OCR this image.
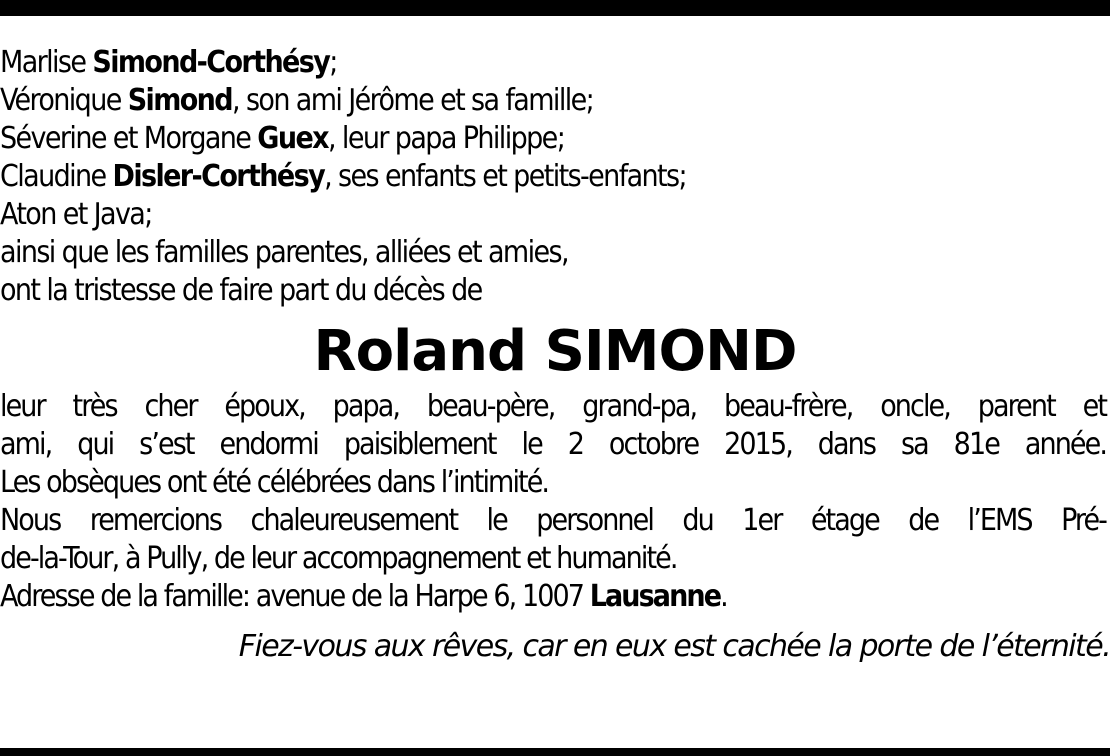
Marlise Simond-Corthésy;
Véronique Simond, son ami Jérôme et sa famille;
Séverine et Morgane Guex, leur papa Philippe;
Claudine Disler-Corthésy, ses enfants et petits-enfants;
Aton et Java;
ainsi que les familles parentes, alliées et amies,
ont la tristesse de faire part du décès de
Roland SIMOND
leur très cher époux, papa, beau-père, grand-pa, beau-frère, oncle, parent et
ami, qui s’est endormi paisiblement le 2 octobre 2015, dans sa 81e année.
Les obsèques ont été célébrées dans l’intimité.
Nous remercions chaleureusement le personnel du 1er étage de l’EMS Pré-
de-la-Tour, à Pully, de leur accompagnement et humanité.
Adresse de la famille: avenue de la Harpe 6, 1007 Lausanne.
Fiez-vous aux rêves, car en eux est cachée la porte de l’éternité.
